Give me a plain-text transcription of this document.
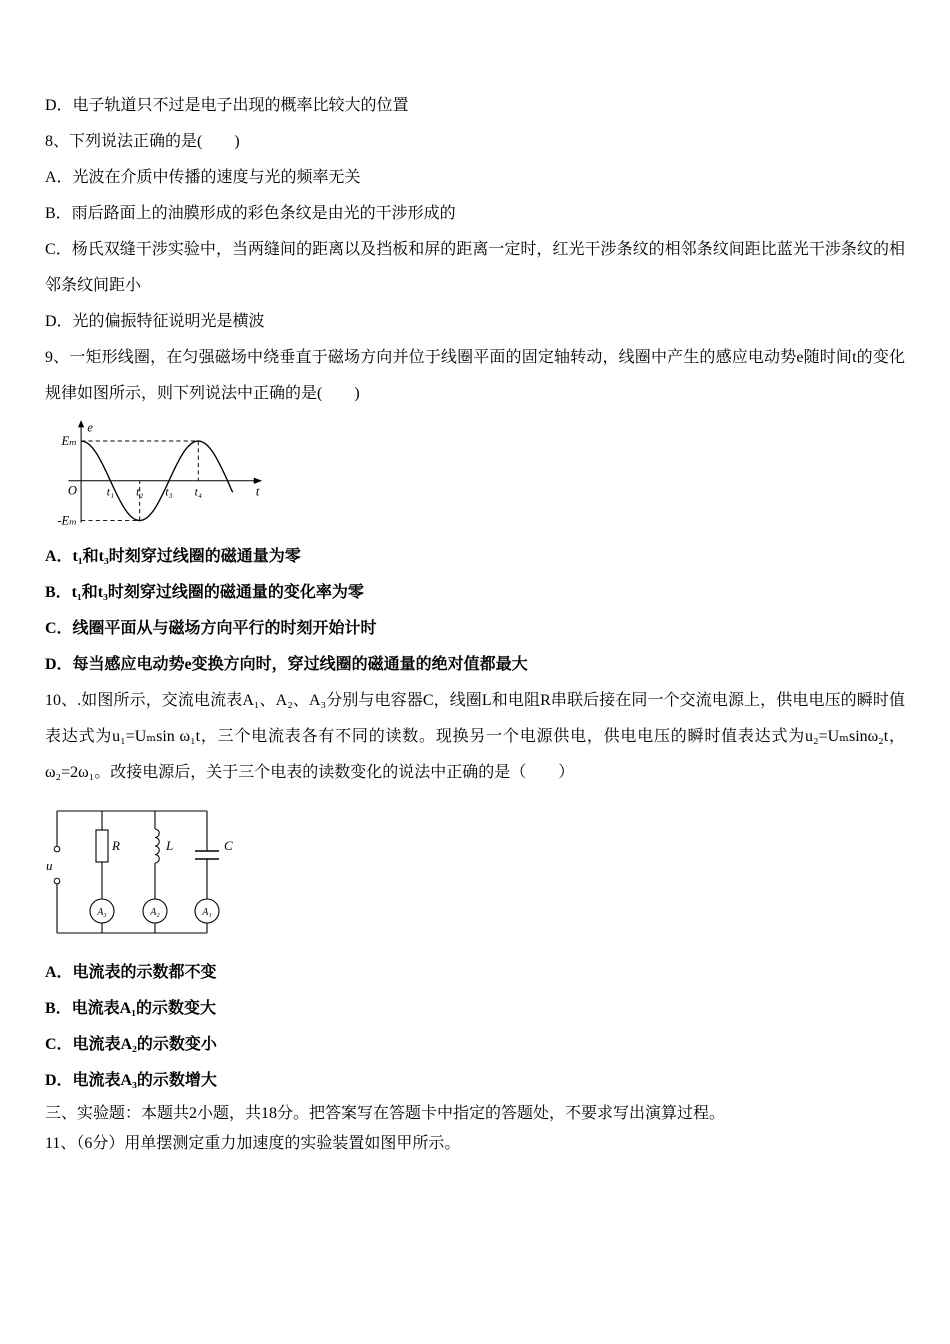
D．电子轨道只不过是电子出现的概率比较大的位置

8、下列说法正确的是(　　)

A．光波在介质中传播的速度与光的频率无关

B．雨后路面上的油膜形成的彩色条纹是由光的干涉形成的

C．杨氏双缝干涉实验中，当两缝间的距离以及挡板和屏的距离一定时，红光干涉条纹的相邻条纹间距比蓝光干涉条纹的相邻条纹间距小

D．光的偏振特征说明光是横波

9、一矩形线圈，在匀强磁场中绕垂直于磁场方向并位于线圈平面的固定轴转动，线圈中产生的感应电动势e随时间t的变化规律如图所示，则下列说法中正确的是(　　)

e
Eₘ
-Eₘ
O	t₁ t₂ t₃ t₄	t

A．t₁和t₃时刻穿过线圈的磁通量为零

B．t₁和t₃时刻穿过线圈的磁通量的变化率为零

C．线圈平面从与磁场方向平行的时刻开始计时

D．每当感应电动势e变换方向时，穿过线圈的磁通量的绝对值都最大

10、.如图所示，交流电流表A₁、A₂、A₃分别与电容器C，线圈L和电阻R串联后接在同一个交流电源上，供电电压的瞬时值表达式为u₁=Uₘsin ω₁t，三个电流表各有不同的读数。现换另一个电源供电，供电电压的瞬时值表达式为u₂=Uₘsinω₂t，ω₂=2ω₁。改接电源后，关于三个电表的读数变化的说法中正确的是（　　）

u
R
A₃
L
A₂
C
A₁

A．电流表的示数都不变

B．电流表A₁的示数变大

C．电流表A₂的示数变小

D．电流表A₃的示数增大

三、实验题：本题共2小题，共18分。把答案写在答题卡中指定的答题处，不要求写出演算过程。

11、（6分）用单摆测定重力加速度的实验装置如图甲所示。
